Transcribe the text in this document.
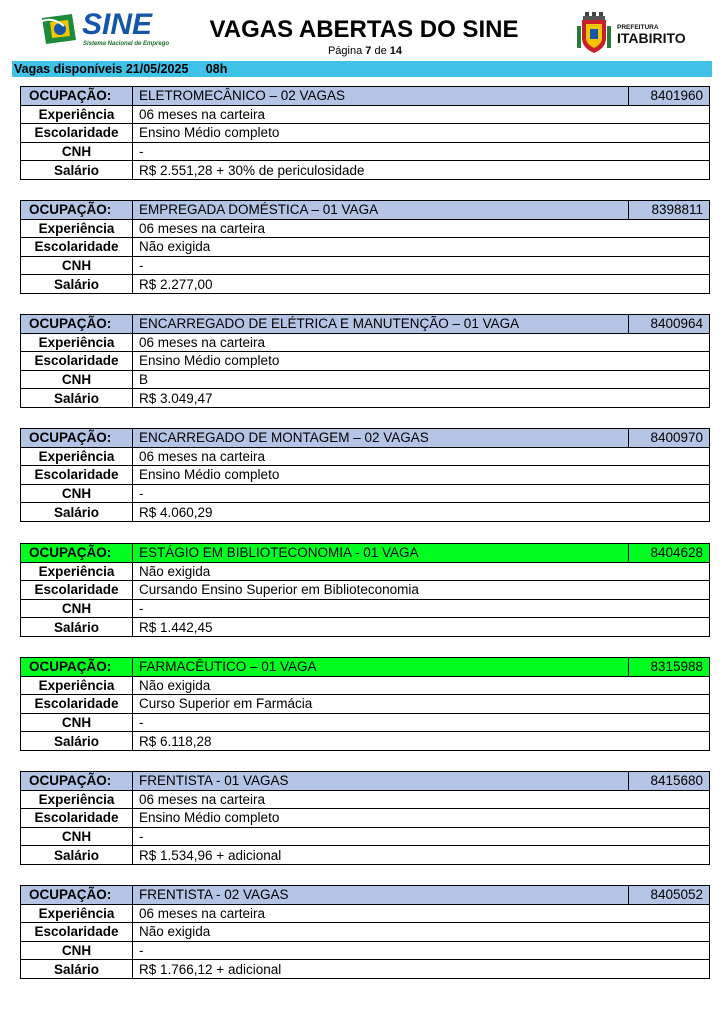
SINE
Sistema Nacional de Emprego
VAGAS ABERTAS DO SINE
Página 7 de 14
PREFEITURA
ITABIRITO
Vagas disponíveis 21/05/2025 08h
OCUPAÇÃO:	ELETROMECÂNICO – 02 VAGAS	8401960
Experiência	06 meses na carteira	
Escolaridade	Ensino Médio completo	
CNH	-	
Salário	R$ 2.551,28 + 30% de periculosidade	
OCUPAÇÃO:	EMPREGADA DOMÉSTICA – 01 VAGA	8398811
Experiência	06 meses na carteira	
Escolaridade	Não exigida	
CNH	-	
Salário	R$ 2.277,00	
OCUPAÇÃO:	ENCARREGADO DE ELÉTRICA E MANUTENÇÃO – 01 VAGA	8400964
Experiência	06 meses na carteira	
Escolaridade	Ensino Médio completo	
CNH	B	
Salário	R$ 3.049,47	
OCUPAÇÃO:	ENCARREGADO DE MONTAGEM – 02 VAGAS	8400970
Experiência	06 meses na carteira	
Escolaridade	Ensino Médio completo	
CNH	-	
Salário	R$ 4.060,29	
OCUPAÇÃO:	ESTÁGIO EM BIBLIOTECONOMIA - 01 VAGA	8404628
Experiência	Não exigida	
Escolaridade	Cursando Ensino Superior em Biblioteconomia	
CNH	-	
Salário	R$ 1.442,45	
OCUPAÇÃO:	FARMACÊUTICO – 01 VAGA	8315988
Experiência	Não exigida	
Escolaridade	Curso Superior em Farmácia	
CNH	-	
Salário	R$ 6.118,28	
OCUPAÇÃO:	FRENTISTA - 01 VAGAS	8415680
Experiência	06 meses na carteira	
Escolaridade	Ensino Médio completo	
CNH	-	
Salário	R$ 1.534,96 + adicional	
OCUPAÇÃO:	FRENTISTA - 02 VAGAS	8405052
Experiência	06 meses na carteira	
Escolaridade	Não exigida	
CNH	-	
Salário	R$ 1.766,12 + adicional	
